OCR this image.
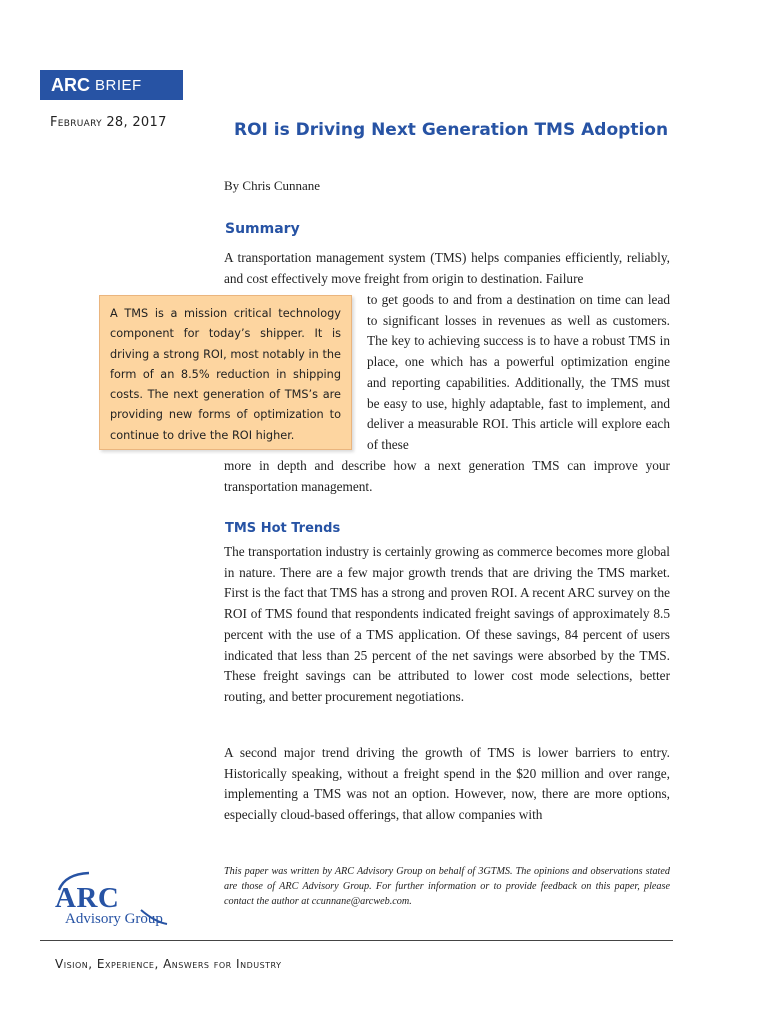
ARC BRIEF
February 28, 2017	ROI is Driving Next Generation TMS Adoption
By Chris Cunnane
Summary

A transportation management system (TMS) helps companies efficiently, reliably, and cost effectively move freight from origin to destination. Failure

to get goods to and from a destination on time can lead to significant losses in revenues as well as customers. The key to achieving success is to have a robust TMS in place, one which has a powerful optimization engine and reporting capabilities. Additionally, the TMS must be easy to use, highly adaptable, fast to implement, and deliver a measurable ROI. This article will explore each of these

more in depth and describe how a next generation TMS can improve your transportation management.

A TMS is a mission critical technology component for today’s shipper. It is driving a strong ROI, most notably in the form of an 8.5% reduction in shipping costs. The next generation of TMS’s are providing new forms of optimization to continue to drive the ROI higher.
TMS Hot Trends

The transportation industry is certainly growing as commerce becomes more global in nature. There are a few major growth trends that are driving the TMS market. First is the fact that TMS has a strong and proven ROI. A recent ARC survey on the ROI of TMS found that respondents indicated freight savings of approximately 8.5 percent with the use of a TMS application. Of these savings, 84 percent of users indicated that less than 25 percent of the net savings were absorbed by the TMS. These freight savings can be attributed to lower cost mode selections, better routing, and better procurement negotiations.

A second major trend driving the growth of TMS is lower barriers to entry. Historically speaking, without a freight spend in the $20 million and over range, implementing a TMS was not an option. However, now, there are more options, especially cloud-based offerings, that allow companies with

ARC
Advisory Group

This paper was written by ARC Advisory Group on behalf of 3GTMS. The opinions and observations stated are those of ARC Advisory Group. For further information or to provide feedback on this paper, please contact the author at ccunnane@arcweb.com.

Vision, Experience, Answers for Industry
